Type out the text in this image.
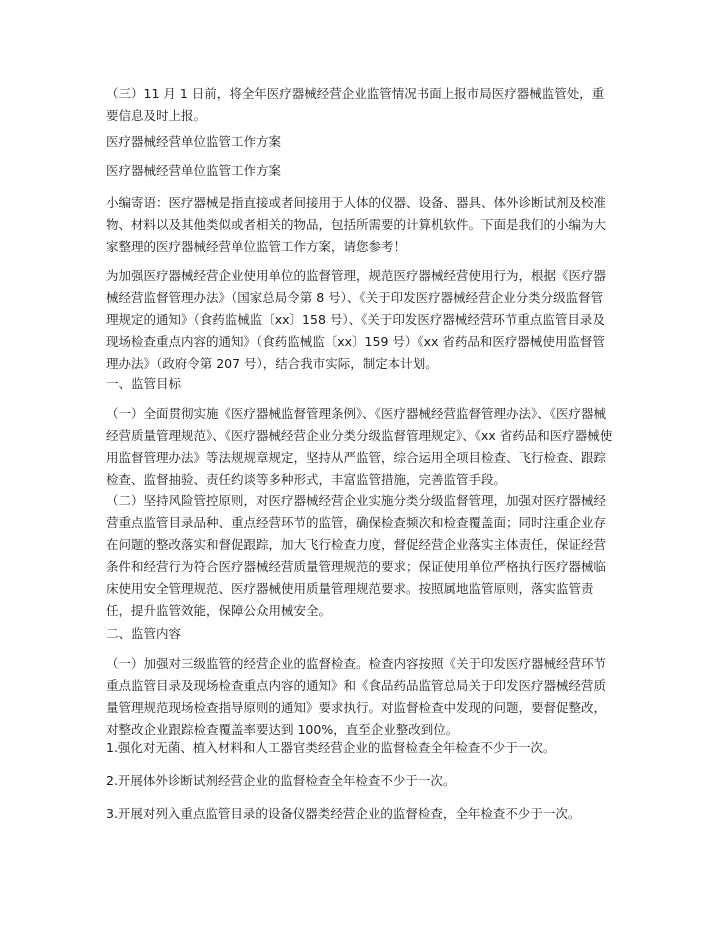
（三）11 月 1 日前，将全年医疗器械经营企业监管情况书面上报市局医疗器械监管处，重要信息及时上报。

医疗器械经营单位监管工作方案

医疗器械经营单位监管工作方案

小编寄语：医疗器械是指直接或者间接用于人体的仪器、设备、器具、体外诊断试剂及校准物、材料以及其他类似或者相关的物品，包括所需要的计算机软件。下面是我们的小编为大家整理的医疗器械经营单位监管工作方案，请您参考！

为加强医疗器械经营企业使用单位的监督管理，规范医疗器械经营使用行为，根据《医疗器械经营监督管理办法》（国家总局令第 8 号）、《关于印发医疗器械经营企业分类分级监督管理规定的通知》（食药监械监〔xx〕158 号）、《关于印发医疗器械经营环节重点监管目录及现场检查重点内容的通知》（食药监械监〔xx〕159 号）《xx 省药品和医疗器械使用监督管理办法》（政府令第 207 号），结合我市实际，制定本计划。

一、监管目标

（一）全面贯彻实施《医疗器械监督管理条例》、《医疗器械经营监督管理办法》、《医疗器械经营质量管理规范》、《医疗器械经营企业分类分级监督管理规定》、《xx 省药品和医疗器械使用监督管理办法》等法规规章规定，坚持从严监管，综合运用全项目检查、飞行检查、跟踪检查、监督抽验、责任约谈等多种形式，丰富监管措施，完善监管手段。

（二）坚持风险管控原则，对医疗器械经营企业实施分类分级监督管理，加强对医疗器械经营重点监管目录品种、重点经营环节的监管，确保检查频次和检查覆盖面；同时注重企业存在问题的整改落实和督促跟踪，加大飞行检查力度，督促经营企业落实主体责任，保证经营条件和经营行为符合医疗器械经营质量管理规范的要求；保证使用单位严格执行医疗器械临床使用安全管理规范、医疗器械使用质量管理规范要求。按照属地监管原则，落实监管责任，提升监管效能，保障公众用械安全。

二、监管内容

（一）加强对三级监管的经营企业的监督检查。检查内容按照《关于印发医疗器械经营环节重点监管目录及现场检查重点内容的通知》和《食品药品监管总局关于印发医疗器械经营质量管理规范现场检查指导原则的通知》要求执行。对监督检查中发现的问题，要督促整改，对整改企业跟踪检查覆盖率要达到 100%，直至企业整改到位。

1.强化对无菌、植入材料和人工器官类经营企业的监督检查全年检查不少于一次。

2.开展体外诊断试剂经营企业的监督检查全年检查不少于一次。

3.开展对列入重点监管目录的设备仪器类经营企业的监督检查，全年检查不少于一次。
